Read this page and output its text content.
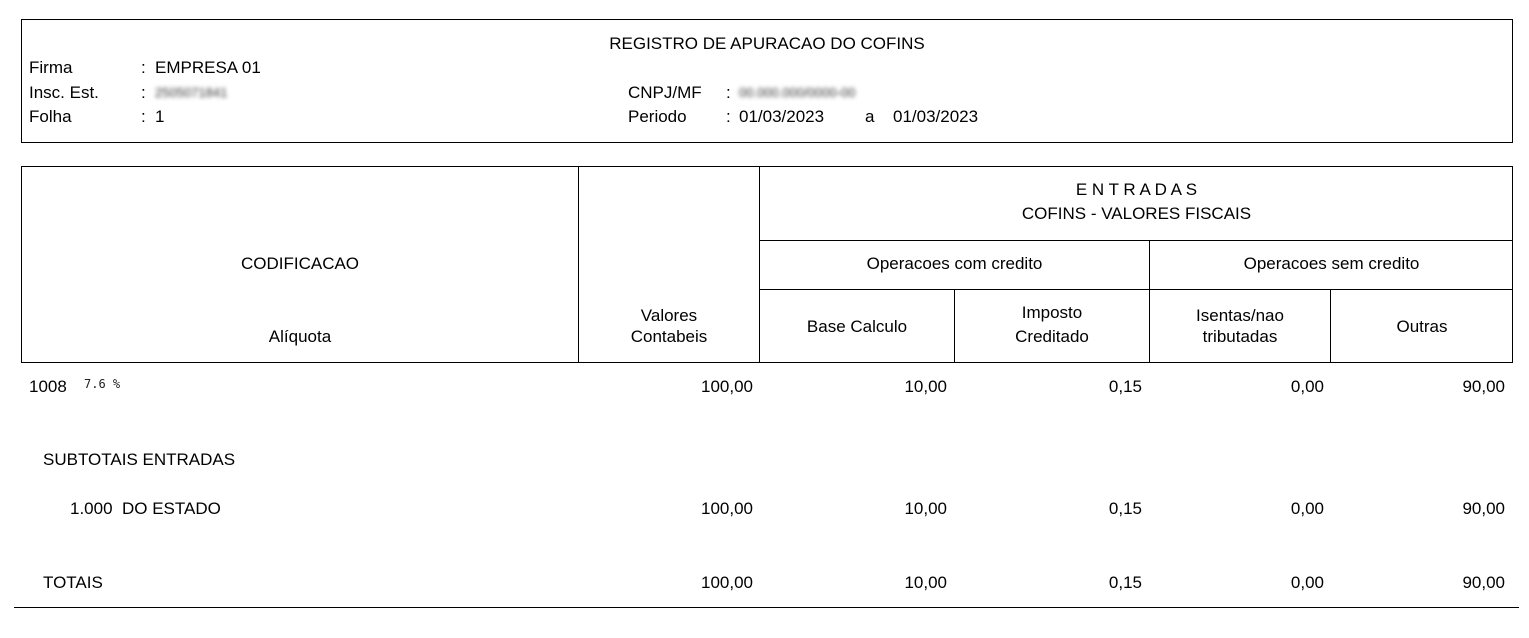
REGISTRO DE APURACAO DO COFINS
Firma	: EMPRESA 01
Insc. Est. : 2505071841
Folha	: 1
CNPJ/MF : 00.000.000/0000-00
Periodo : 01/03/2023 a 01/03/2023
CODIFICACAO
Alíquota
Valores
Contabeis
E N T R A D A S
COFINS - VALORES FISCAIS
Operacoes com credito	Operacoes sem credito
Base Calculo
Imposto
Creditado
Isentas/nao
tributadas
Outras
1008 7.6 %	100,00	10,00	0,15	0,00	90,00
SUBTOTAIS ENTRADAS
1.000  DO ESTADO	100,00	10,00	0,15	0,00	90,00
TOTAIS	100,00	10,00	0,15	0,00	90,00
